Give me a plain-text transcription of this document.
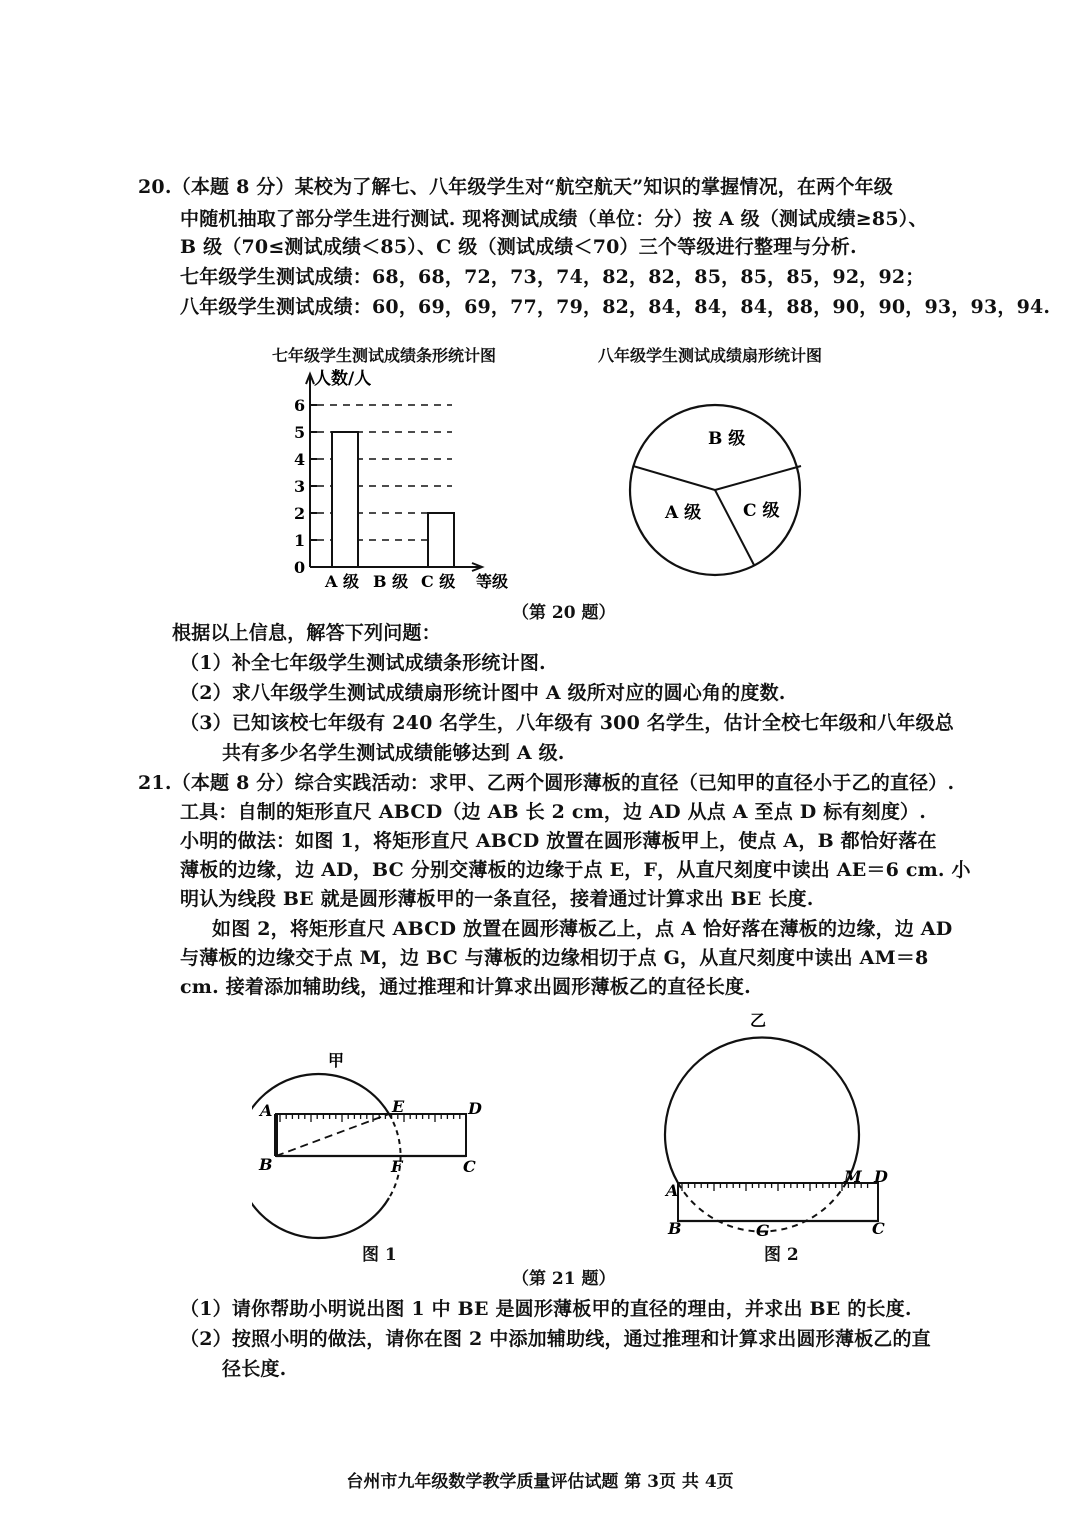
20.（本题 8 分）某校为了解七、八年级学生对“航空航天”知识的掌握情况，在两个年级
中随机抽取了部分学生进行测试. 现将测试成绩（单位：分）按 A 级（测试成绩≥85）、
B 级（70≤测试成绩＜85）、C 级（测试成绩＜70）三个等级进行整理与分析.
七年级学生测试成绩：68，68，72，73，74，82，82，85，85，85，92，92；
八年级学生测试成绩：60，69，69，77，79，82，84，84，84，88，90，90，93，93，94.
七年级学生测试成绩条形统计图
人数/人
0
1
2
3
4
5
6
A 级 B 级 C 级 等级
八年级学生测试成绩扇形统计图
B 级
A 级 C 级
（第 20 题）
根据以上信息，解答下列问题：
（1）补全七年级学生测试成绩条形统计图.
（2）求八年级学生测试成绩扇形统计图中 A 级所对应的圆心角的度数.
（3）已知该校七年级有 240 名学生，八年级有 300 名学生，估计全校七年级和八年级总
共有多少名学生测试成绩能够达到 A 级.
21.（本题 8 分）综合实践活动：求甲、乙两个圆形薄板的直径（已知甲的直径小于乙的直径）.
工具：自制的矩形直尺 ABCD（边 AB 长 2 cm，边 AD 从点 A 至点 D 标有刻度）.
小明的做法：如图 1，将矩形直尺 ABCD 放置在圆形薄板甲上，使点 A，B 都恰好落在
薄板的边缘，边 AD，BC 分别交薄板的边缘于点 E，F，从直尺刻度中读出 AE＝6 cm. 小
明认为线段 BE 就是圆形薄板甲的一条直径，接着通过计算求出 BE 长度.
如图 2，将矩形直尺 ABCD 放置在圆形薄板乙上，点 A 恰好落在薄板的边缘，边 AD
与薄板的边缘交于点 M，边 BC 与薄板的边缘相切于点 G，从直尺刻度中读出 AM＝8
cm. 接着添加辅助线，通过推理和计算求出圆形薄板乙的直径长度.
甲
A	E	D
B	F	C
图 1
乙
A
M D
B	G	C
图 2
（第 21 题）
（1）请你帮助小明说出图 1 中 BE 是圆形薄板甲的直径的理由，并求出 BE 的长度.
（2）按照小明的做法，请你在图 2 中添加辅助线，通过推理和计算求出圆形薄板乙的直
径长度.
台州市九年级数学教学质量评估试题 第 3页 共 4页
